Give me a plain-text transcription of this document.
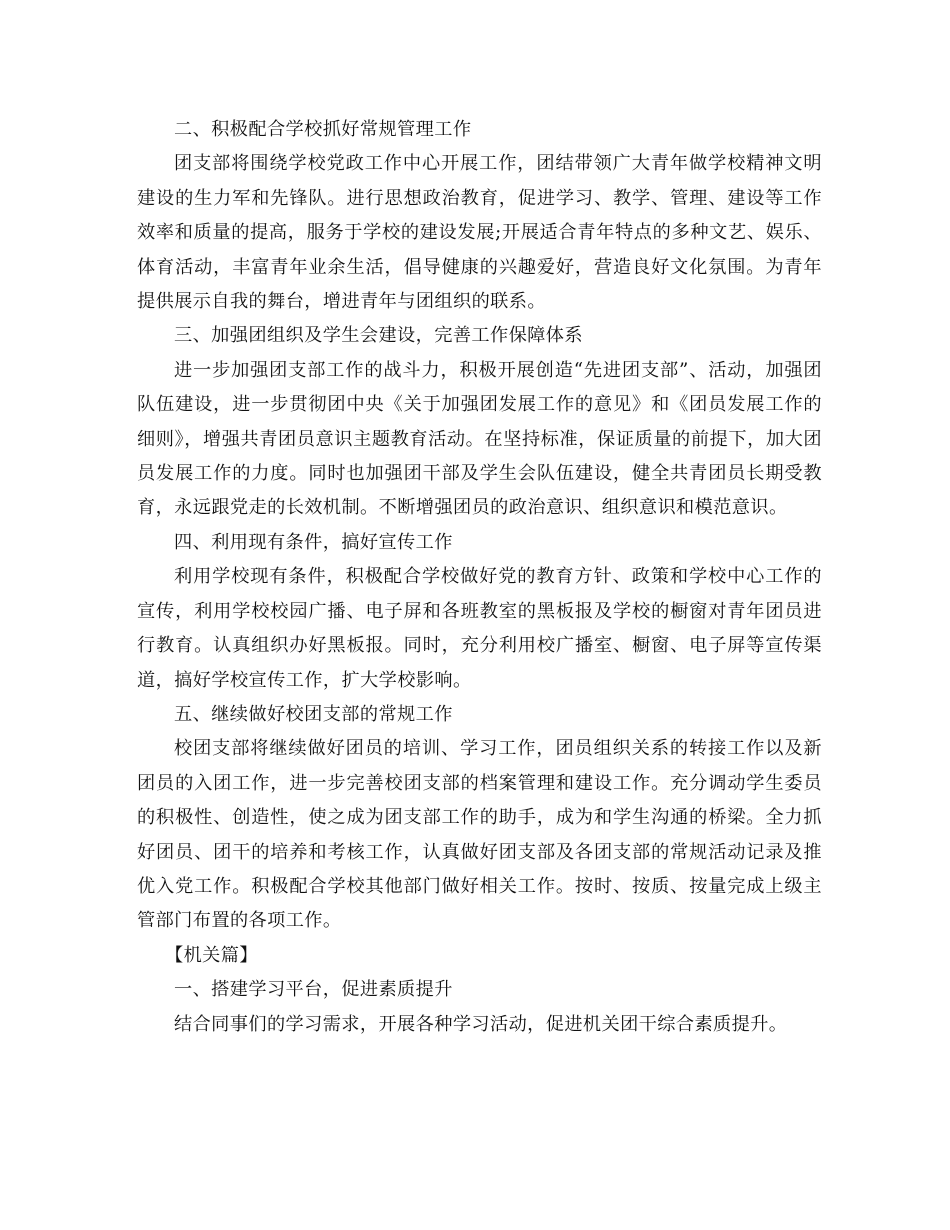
二、积极配合学校抓好常规管理工作

团支部将围绕学校党政工作中心开展工作，团结带领广大青年做学校精神文明建设的生力军和先锋队。进行思想政治教育，促进学习、教学、管理、建设等工作效率和质量的提高，服务于学校的建设发展;开展适合青年特点的多种文艺、娱乐、体育活动，丰富青年业余生活，倡导健康的兴趣爱好，营造良好文化氛围。为青年提供展示自我的舞台，增进青年与团组织的联系。

三、加强团组织及学生会建设，完善工作保障体系

进一步加强团支部工作的战斗力，积极开展创造“先进团支部”、活动，加强团队伍建设，进一步贯彻团中央《关于加强团发展工作的意见》和《团员发展工作的细则》，增强共青团员意识主题教育活动。在坚持标准，保证质量的前提下，加大团员发展工作的力度。同时也加强团干部及学生会队伍建设，健全共青团员长期受教育，永远跟党走的长效机制。不断增强团员的政治意识、组织意识和模范意识。

四、利用现有条件，搞好宣传工作

利用学校现有条件，积极配合学校做好党的教育方针、政策和学校中心工作的宣传，利用学校校园广播、电子屏和各班教室的黑板报及学校的橱窗对青年团员进行教育。认真组织办好黑板报。同时，充分利用校广播室、橱窗、电子屏等宣传渠道，搞好学校宣传工作，扩大学校影响。

五、继续做好校团支部的常规工作

校团支部将继续做好团员的培训、学习工作，团员组织关系的转接工作以及新团员的入团工作，进一步完善校团支部的档案管理和建设工作。充分调动学生委员的积极性、创造性，使之成为团支部工作的助手，成为和学生沟通的桥梁。全力抓好团员、团干的培养和考核工作，认真做好团支部及各团支部的常规活动记录及推优入党工作。积极配合学校其他部门做好相关工作。按时、按质、按量完成上级主管部门布置的各项工作。

【机关篇】

一、搭建学习平台，促进素质提升

结合同事们的学习需求，开展各种学习活动，促进机关团干综合素质提升。
